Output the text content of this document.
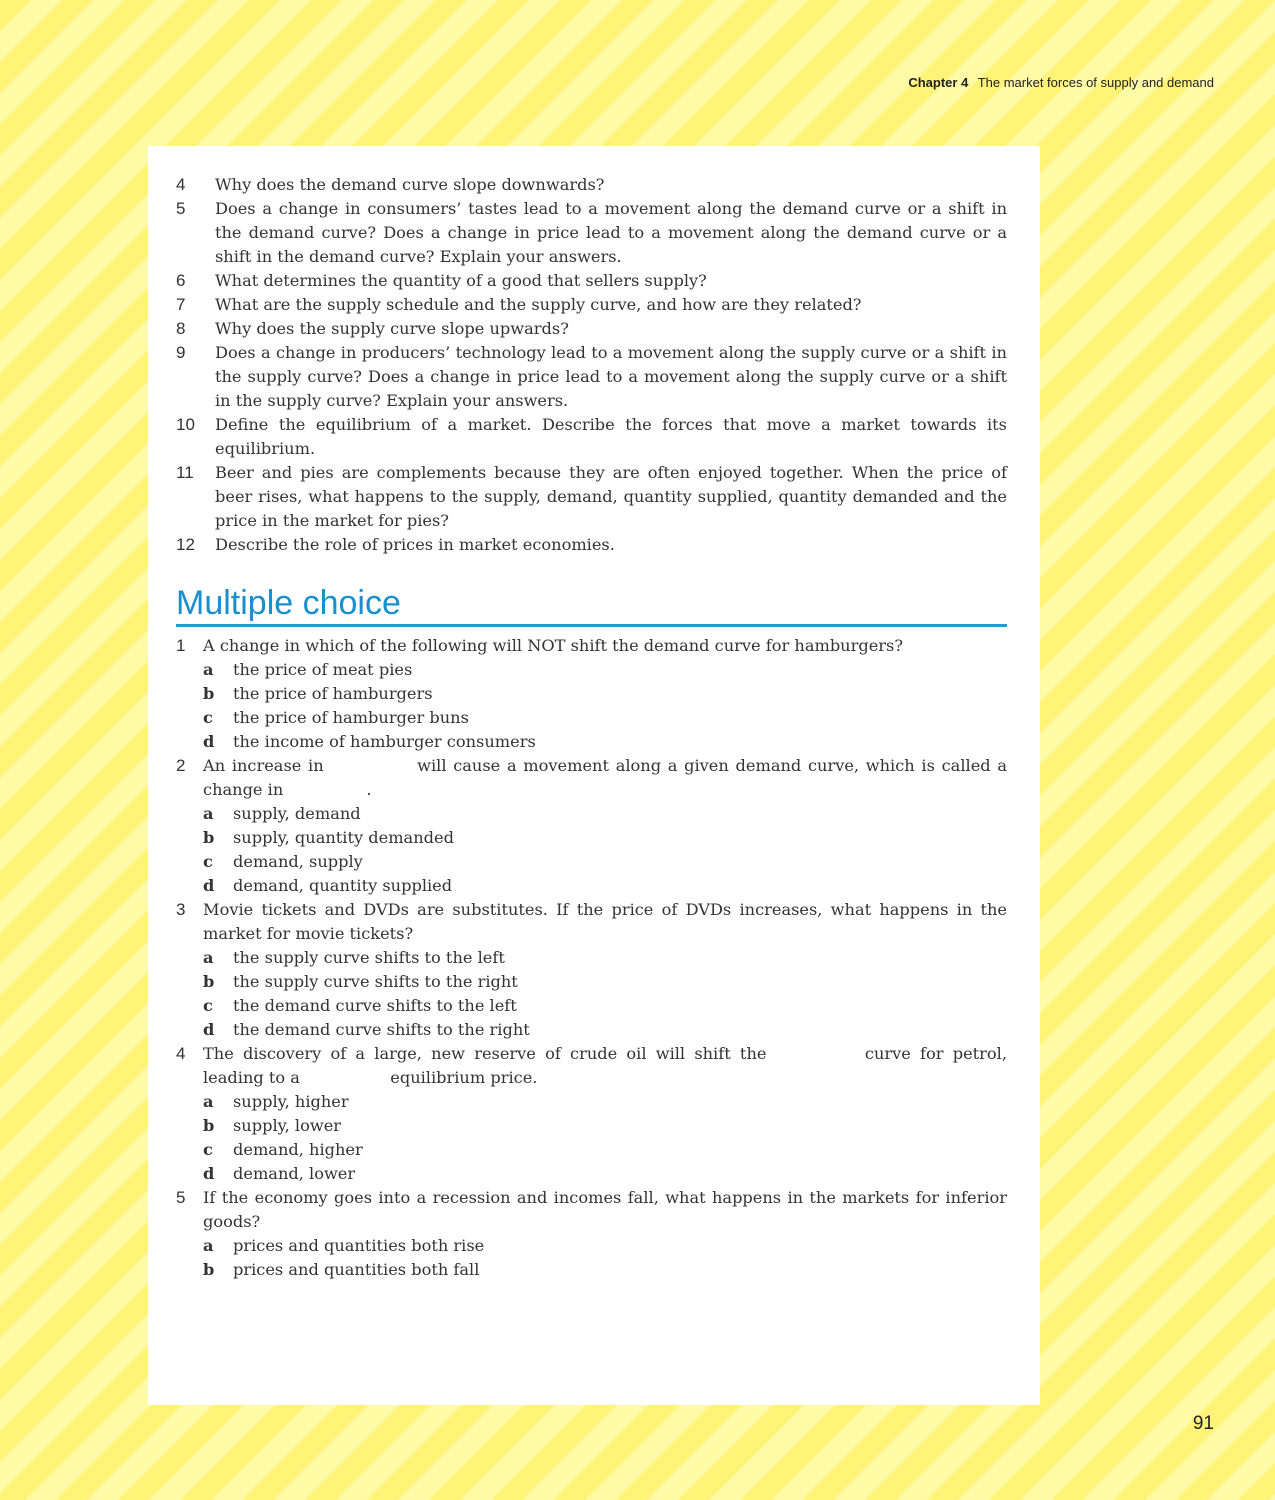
Chapter 4 The market forces of supply and demand
4 Why does the demand curve slope downwards?
5 Does a change in consumers’ tastes lead to a movement along the demand curve or a shift in the demand curve? Does a change in price lead to a movement along the demand curve or a shift in the demand curve? Explain your answers.
6 What determines the quantity of a good that sellers supply?
7 What are the supply schedule and the supply curve, and how are they related?
8 Why does the supply curve slope upwards?
9 Does a change in producers’ technology lead to a movement along the supply curve or a shift in the supply curve? Does a change in price lead to a movement along the supply curve or a shift in the supply curve? Explain your answers.
10 Define the equilibrium of a market. Describe the forces that move a market towards its equilibrium.
11 Beer and pies are complements because they are often enjoyed together. When the price of beer rises, what happens to the supply, demand, quantity supplied, quantity demanded and the price in the market for pies?
12 Describe the role of prices in market economies.
Multiple choice
1 A change in which of the following will NOT shift the demand curve for hamburgers?
a the price of meat pies
b the price of hamburgers
c the price of hamburger buns
d the income of hamburger consumers
2 An increase in	will cause a movement along a given demand curve, which is called a change in	.
a supply, demand
b supply, quantity demanded
c demand, supply
d demand, quantity supplied
3 Movie tickets and DVDs are substitutes. If the price of DVDs increases, what happens in the market for movie tickets?
a the supply curve shifts to the left
b the supply curve shifts to the right
c the demand curve shifts to the left
d the demand curve shifts to the right
4 The discovery of a large, new reserve of crude oil will shift the	curve for petrol, leading to a	equilibrium price.
a supply, higher
b supply, lower
c demand, higher
d demand, lower
5 If the economy goes into a recession and incomes fall, what happens in the markets for inferior goods?
a prices and quantities both rise
b prices and quantities both fall
91
